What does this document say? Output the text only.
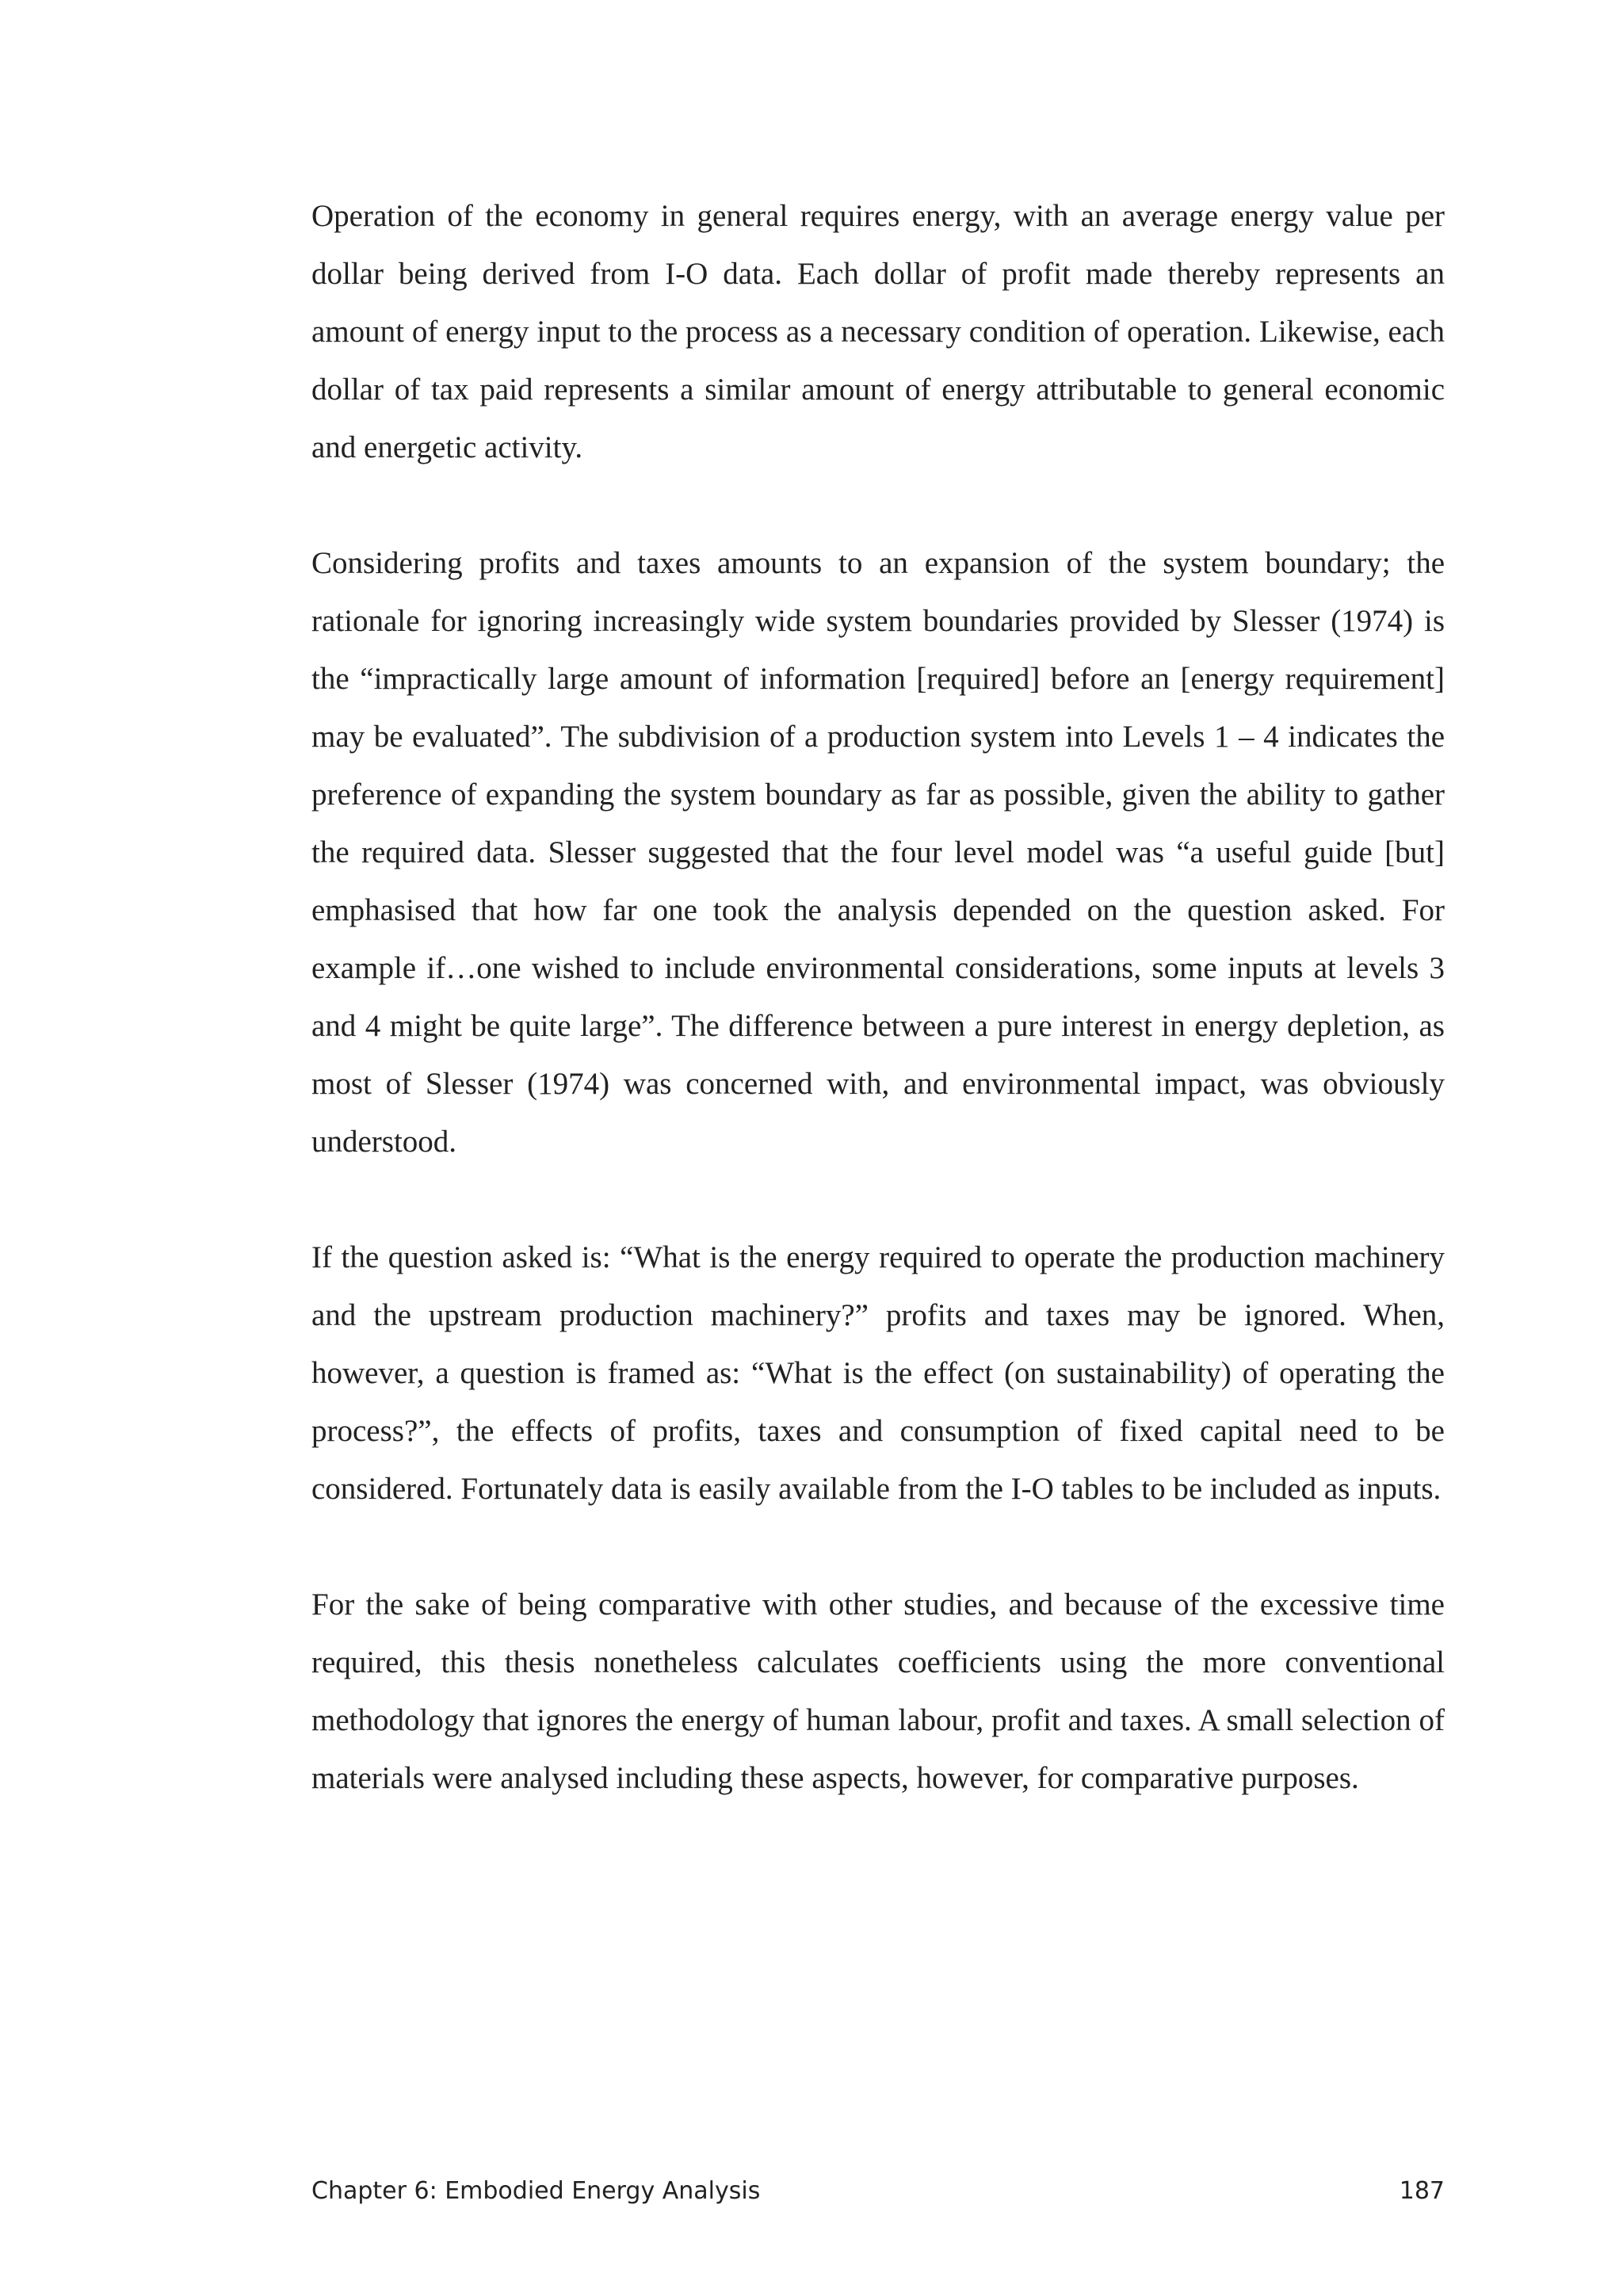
Operation of the economy in general requires energy, with an average energy value per dollar being derived from I-O data. Each dollar of profit made thereby represents an amount of energy input to the process as a necessary condition of operation. Likewise, each dollar of tax paid represents a similar amount of energy attributable to general economic and energetic activity.

Considering profits and taxes amounts to an expansion of the system boundary; the rationale for ignoring increasingly wide system boundaries provided by Slesser (1974) is the “impractically large amount of information [required] before an [energy requirement] may be evaluated”. The subdivision of a production system into Levels 1 – 4 indicates the preference of expanding the system boundary as far as possible, given the ability to gather the required data. Slesser suggested that the four level model was “a useful guide [but] emphasised that how far one took the analysis depended on the question asked. For example if…one wished to include environmental considerations, some inputs at levels 3 and 4 might be quite large”. The difference between a pure interest in energy depletion, as most of Slesser (1974) was concerned with, and environmental impact, was obviously understood.

If the question asked is: “What is the energy required to operate the production machinery and the upstream production machinery?” profits and taxes may be ignored. When, however, a question is framed as: “What is the effect (on sustainability) of operating the process?”, the effects of profits, taxes and consumption of fixed capital need to be considered. Fortunately data is easily available from the I-O tables to be included as inputs.

For the sake of being comparative with other studies, and because of the excessive time required, this thesis nonetheless calculates coefficients using the more conventional methodology that ignores the energy of human labour, profit and taxes. A small selection of materials were analysed including these aspects, however, for comparative purposes.

Chapter 6: Embodied Energy Analysis	187
